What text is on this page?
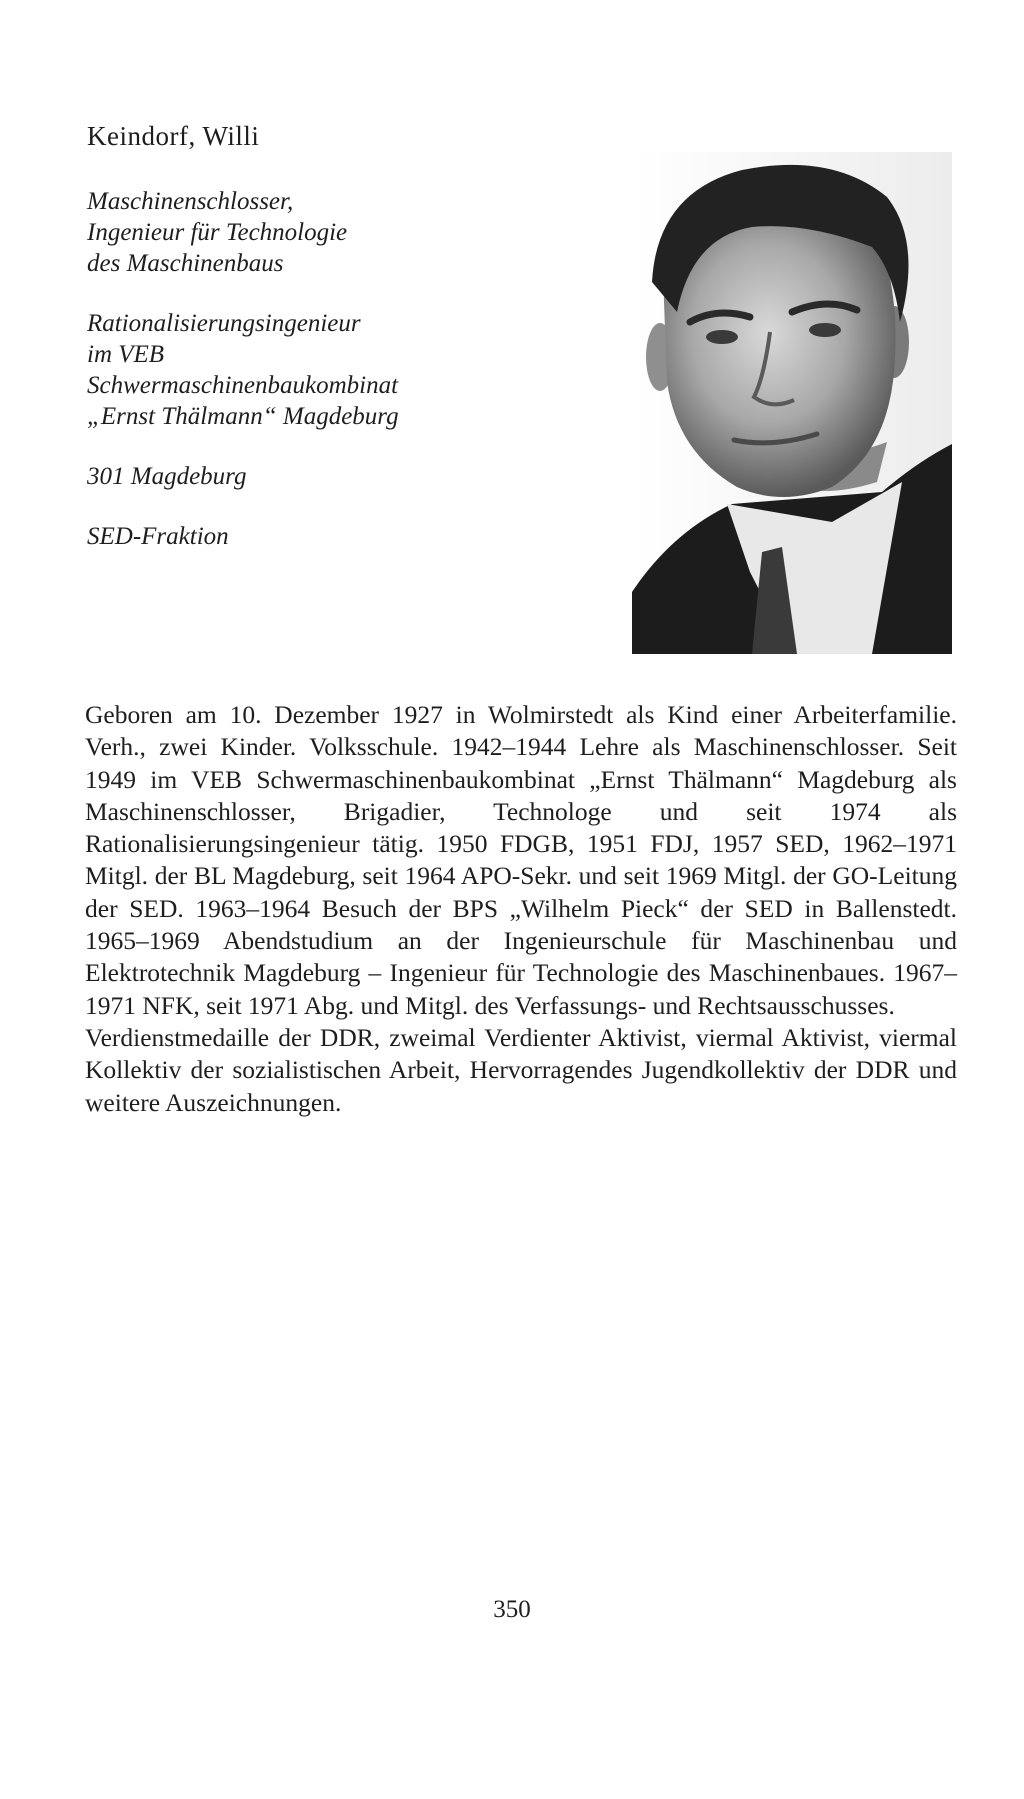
Keindorf, Willi
Maschinenschlosser,
Ingenieur für Technologie
des Maschinenbaus
Rationalisierungsingenieur
im VEB
Schwermaschinenbaukombinat
„Ernst Thälmann“ Magdeburg
301 Magdeburg
SED-Fraktion

Geboren am 10. Dezember 1927 in Wolmirstedt als Kind einer Arbeiterfamilie. Verh., zwei Kinder. Volksschule. 1942–1944 Lehre als Maschinenschlosser. Seit 1949 im VEB Schwermaschinenbaukombinat „Ernst Thälmann“ Magdeburg als Maschinenschlosser, Brigadier, Technologe und seit 1974 als Rationalisierungsingenieur tätig. 1950 FDGB, 1951 FDJ, 1957 SED, 1962–1971 Mitgl. der BL Magdeburg, seit 1964 APO-Sekr. und seit 1969 Mitgl. der GO-Leitung der SED. 1963–1964 Besuch der BPS „Wilhelm Pieck“ der SED in Ballenstedt. 1965–1969 Abendstudium an der Ingenieurschule für Maschinenbau und Elektrotechnik Magdeburg – Ingenieur für Technologie des Maschinenbaues. 1967–1971 NFK, seit 1971 Abg. und Mitgl. des Verfassungs- und Rechtsausschusses.

Verdienstmedaille der DDR, zweimal Verdienter Aktivist, viermal Aktivist, viermal Kollektiv der sozialistischen Arbeit, Hervorragendes Jugendkollektiv der DDR und weitere Auszeichnungen.

350
